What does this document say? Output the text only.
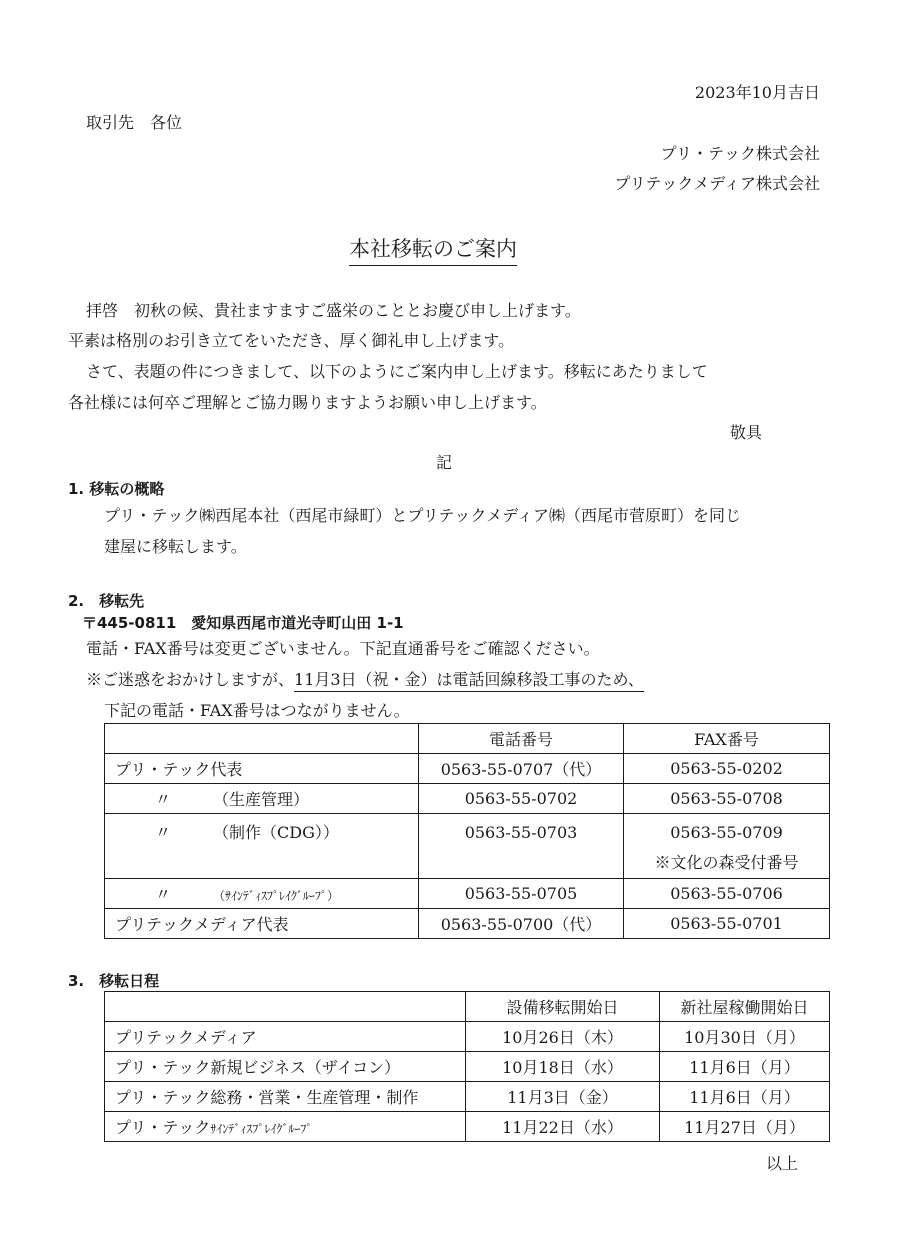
2023年10月吉日
取引先　各位
プリ・テック株式会社
プリテックメディア株式会社
本社移転のご案内
拝啓　初秋の候、貴社ますますご盛栄のこととお慶び申し上げます。
平素は格別のお引き立てをいただき、厚く御礼申し上げます。
さて、表題の件につきまして、以下のようにご案内申し上げます。移転にあたりまして
各社様には何卒ご理解とご協力賜りますようお願い申し上げます。
敬具
記
1. 移転の概略
プリ・テック㈱西尾本社（西尾市緑町）とプリテックメディア㈱（西尾市菅原町）を同じ
建屋に移転します。
2.　移転先
〒445-0811　愛知県西尾市道光寺町山田 1-1
電話・FAX番号は変更ございません。下記直通番号をご確認ください。
※ご迷惑をおかけしますが、11月3日（祝・金）は電話回線移設工事のため、
下記の電話・FAX番号はつながりません。
	電話番号	FAX番号
プリ・テック代表	0563-55-0707（代）	0563-55-0202
〃 （生産管理）	0563-55-0702	0563-55-0708
〃 （制作（CDG））	0563-55-0703	0563-55-0709
※文化の森受付番号

〃 （ｻｲﾝﾃﾞｨｽﾌﾟﾚｲｸﾞﾙｰﾌﾟ）	0563-55-0705	0563-55-0706
プリテックメディア代表	0563-55-0700（代）	0563-55-0701
3.　移転日程
	設備移転開始日	新社屋稼働開始日
プリテックメディア	10月26日（木）	10月30日（月）
プリ・テック新規ビジネス（ザイコン）	10月18日（水）	11月6日（月）
プリ・テック総務・営業・生産管理・制作	11月3日（金）	11月6日（月）
プリ・テックｻｲﾝﾃﾞｨｽﾌﾟﾚｲｸﾞﾙｰﾌﾟ	11月22日（水）	11月27日（月）
以上
